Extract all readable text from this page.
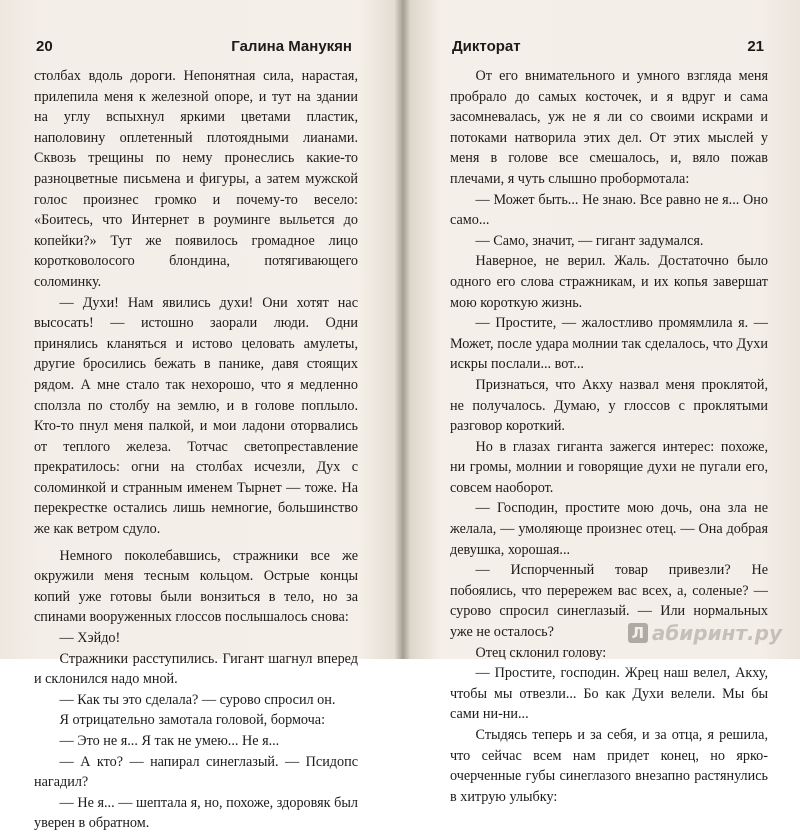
20	Галина Манукян

столбах вдоль дороги. Непонятная сила, нарастая, прилепила меня к железной опоре, и тут на здании на углу вспыхнул яркими цветами пластик, наполовину оплетенный плотоядными лианами. Сквозь трещины по нему пронеслись какие-то разноцветные письмена и фигуры, а затем мужской голос произнес громко и почему-то весело: «Боитесь, что Интернет в роуминге выльется до копейки?» Тут же появилось громадное лицо коротковолосого блондина, потягивающего соломинку.

— Духи! Нам явились духи! Они хотят нас высосать! — истошно заорали люди. Одни принялись кланяться и истово целовать амулеты, другие бросились бежать в панике, давя стоящих рядом. А мне стало так нехорошо, что я медленно сползла по столбу на землю, и в голове поплыло. Кто-то пнул меня палкой, и мои ладони оторвались от теплого железа. Тотчас светопреставление прекратилось: огни на столбах исчезли, Дух с соломинкой и странным именем Тырнет — тоже. На перекрестке остались лишь немногие, большинство же как ветром сдуло.

Немного поколебавшись, стражники все же окружили меня тесным кольцом. Острые концы копий уже готовы были вонзиться в тело, но за спинами вооруженных глоссов послышалось снова:

— Хэйдо!

Стражники расступились. Гигант шагнул вперед и склонился надо мной.

— Как ты это сделала? — сурово спросил он.

Я отрицательно замотала головой, бормоча:

— Это не я... Я так не умею... Не я...

— А кто? — напирал синеглазый. — Псидопс нагадил?

— Не я... — шептала я, но, похоже, здоровяк был уверен в обратном.

Дикторат	21

От его внимательного и умного взгляда меня пробрало до самых косточек, и я вдруг и сама засомневалась, уж не я ли со своими искрами и потоками натворила этих дел. От этих мыслей у меня в голове все смешалось, и, вяло пожав плечами, я чуть слышно пробормотала:

— Может быть... Не знаю. Все равно не я... Оно само...

— Само, значит, — гигант задумался.

Наверное, не верил. Жаль. Достаточно было одного его слова стражникам, и их копья завершат мою короткую жизнь.

— Простите, — жалостливо промямлила я. — Может, после удара молнии так сделалось, что Духи искры послали... вот...

Признаться, что Акху назвал меня проклятой, не получалось. Думаю, у глоссов с проклятыми разговор короткий.

Но в глазах гиганта зажегся интерес: похоже, ни громы, молнии и говорящие духи не пугали его, совсем наоборот.

— Господин, простите мою дочь, она зла не желала, — умоляюще произнес отец. — Она добрая девушка, хорошая...

— Испорченный товар привезли? Не побоялись, что перережем вас всех, а, соленые? — сурово спросил синеглазый. — Или нормальных уже не осталось?

Отец склонил голову:

— Простите, господин. Жрец наш велел, Акху, чтобы мы отвезли... Бо как Духи велели. Мы бы сами ни-ни...

Стыдясь теперь и за себя, и за отца, я решила, что сейчас всем нам придет конец, но ярко-очерченные губы синеглазого внезапно растянулись в хитрую улыбку:

Л абиринт.ру
